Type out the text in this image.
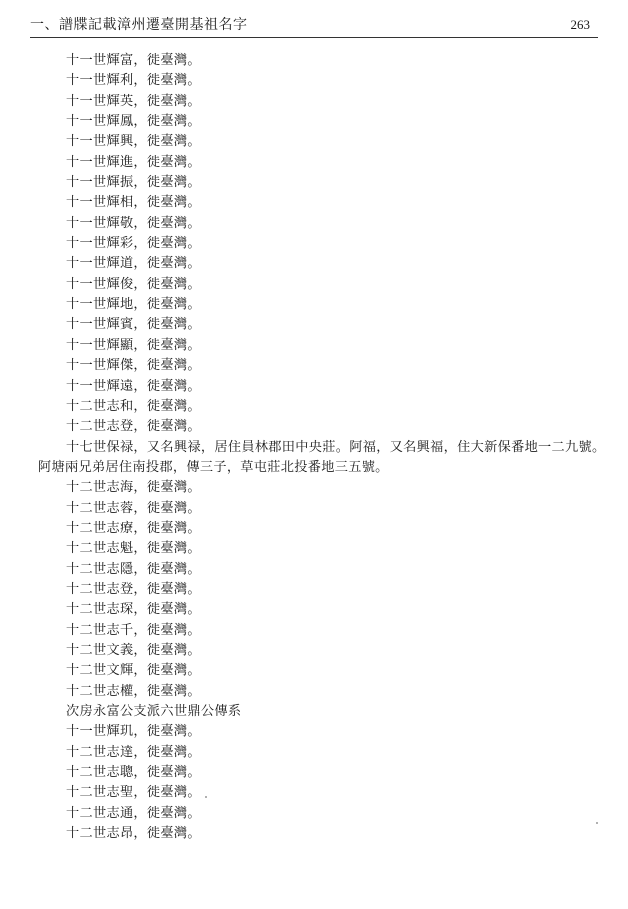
一、譜牒記載漳州遷臺開基祖名字	263
十一世輝富，徙臺灣。
十一世輝利，徙臺灣。
十一世輝英，徙臺灣。
十一世輝鳳，徙臺灣。
十一世輝興，徙臺灣。
十一世輝進，徙臺灣。
十一世輝振，徙臺灣。
十一世輝相，徙臺灣。
十一世輝敬，徙臺灣。
十一世輝彩，徙臺灣。
十一世輝道，徙臺灣。
十一世輝俊，徙臺灣。
十一世輝地，徙臺灣。
十一世輝賓，徙臺灣。
十一世輝顯，徙臺灣。
十一世輝傑，徙臺灣。
十一世輝遠，徙臺灣。
十二世志和，徙臺灣。
十二世志登，徙臺灣。
十七世保禄，又名興禄，居住員林郡田中央莊。阿福，又名興福，住大新保番地一二九號。
阿塘兩兄弟居住南投郡，傳三子，草屯莊北投番地三五號。
十二世志海，徙臺灣。
十二世志蓉，徙臺灣。
十二世志療，徙臺灣。
十二世志魁，徙臺灣。
十二世志隱，徙臺灣。
十二世志登，徙臺灣。
十二世志琛，徙臺灣。
十二世志千，徙臺灣。
十二世文義，徙臺灣。
十二世文輝，徙臺灣。
十二世志權，徙臺灣。
次房永富公支派六世鼎公傳系
十一世輝玑，徙臺灣。
十二世志達，徙臺灣。
十二世志聰，徙臺灣。
十二世志聖，徙臺灣。
十二世志通，徙臺灣。
十二世志昂，徙臺灣。
